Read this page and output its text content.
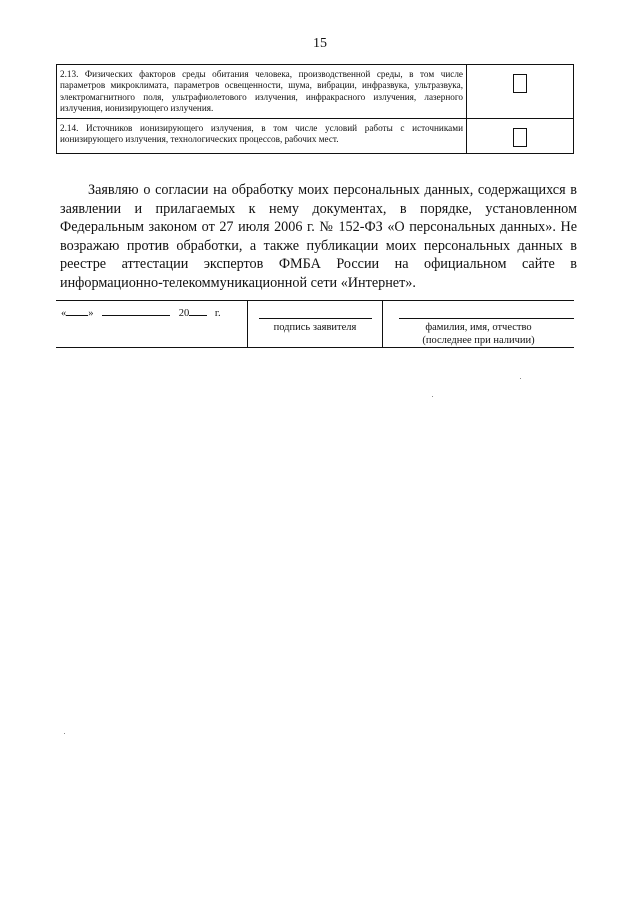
15
2.13. Физических факторов среды обитания человека, производственной среды, в том числе параметров микроклимата, параметров освещенности, шума, вибрации, инфразвука, ультразвука, электромагнитного поля, ультрафиолетового излучения, инфракрасного излучения, лазерного излучения, ионизирующего излучения.	
2.14. Источников ионизирующего излучения, в том числе условий работы с источниками ионизирующего излучения, технологических процессов, рабочих мест.	

Заявляю о согласии на обработку моих персональных данных, содержащихся в заявлении и прилагаемых к нему документах, в порядке, установленном Федеральным законом от 27 июля 2006 г. № 152-ФЗ «О персональных данных». Не возражаю против обработки, а также публикации моих персональных данных в реестре аттестации экспертов ФМБА России на официальном сайте в информационно-телекоммуникационной сети «Интернет».

« »	20 г.
подпись заявителя	фамилия, имя, отчество
(последнее при наличии)
